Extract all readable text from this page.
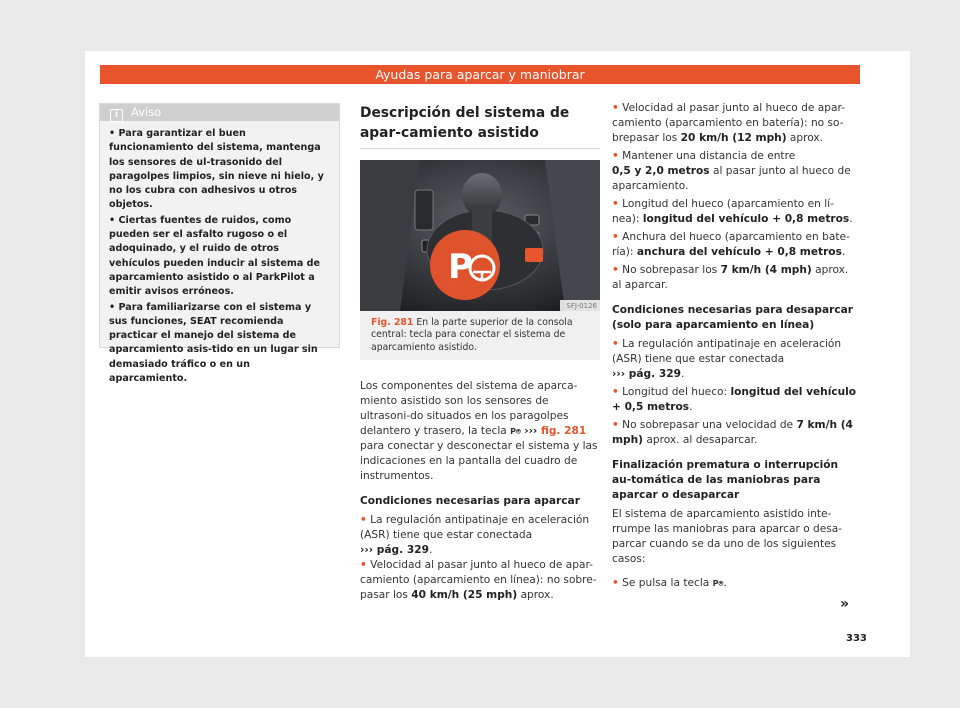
Ayudas para aparcar y maniobrar
i Aviso

• Para garantizar el buen funcionamiento del sistema, mantenga los sensores de ul-trasonido del paragolpes limpios, sin nieve ni hielo, y no los cubra con adhesivos u otros objetos.

• Ciertas fuentes de ruidos, como pueden ser el asfalto rugoso o el adoquinado, y el ruido de otros vehículos pueden inducir al sistema de aparcamiento asistido o al ParkPilot a emitir avisos erróneos.

• Para familiarizarse con el sistema y sus funciones, SEAT recomienda practicar el manejo del sistema de aparcamiento asis-tido en un lugar sin demasiado tráfico o en un aparcamiento.

Descripción del sistema de apar-camiento asistido
P
SFJ-0126
Fig. 281 En la parte superior de la consola central: tecla para conectar el sistema de aparcamiento asistido.

Los componentes del sistema de aparca-miento asistido son los sensores de ultrasoni-do situados en los paragolpes delantero y trasero, la tecla P⍟ ››› fig. 281 para conectar y desconectar el sistema y las indicaciones en la pantalla del cuadro de instrumentos.

Condiciones necesarias para aparcar

• La regulación antipatinaje en aceleración (ASR) tiene que estar conectada
››› pág. 329.

• Velocidad al pasar junto al hueco de apar-camiento (aparcamiento en línea): no sobre-pasar los 40 km/h (25 mph) aprox.

• Velocidad al pasar junto al hueco de apar-camiento (aparcamiento en batería): no so-brepasar los 20 km/h (12 mph) aprox.

• Mantener una distancia de entre
0,5 y 2,0 metros al pasar junto al hueco de aparcamiento.

• Longitud del hueco (aparcamiento en lí-nea): longitud del vehículo + 0,8 metros.

• Anchura del hueco (aparcamiento en bate-ría): anchura del vehículo + 0,8 metros.

• No sobrepasar los 7 km/h (4 mph) aprox. al aparcar.

Condiciones necesarias para desaparcar (solo para aparcamiento en línea)

• La regulación antipatinaje en aceleración (ASR) tiene que estar conectada
››› pág. 329.

• Longitud del hueco: longitud del vehículo + 0,5 metros.

• No sobrepasar una velocidad de 7 km/h (4 mph) aprox. al desaparcar.

Finalización prematura o interrupción au-tomática de las maniobras para aparcar o desaparcar
El sistema de aparcamiento asistido inte-rrumpe las maniobras para aparcar o desa-parcar cuando se da uno de los siguientes casos:

• Se pulsa la tecla P⍟.

»
333
